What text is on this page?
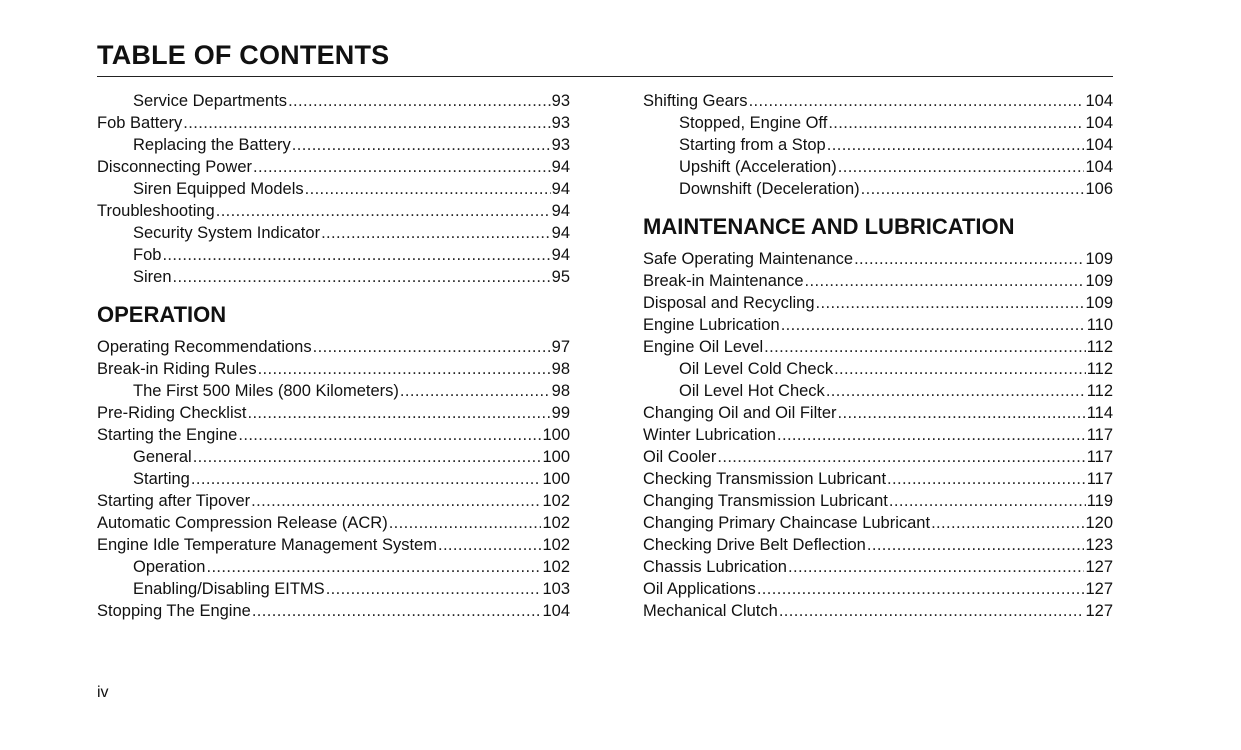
TABLE OF CONTENTS
Service Departments .....	93
Fob Battery .....	93
Replacing the Battery .....	93
Disconnecting Power .....	94
Siren Equipped Models .....	94
Troubleshooting .....	94
Security System Indicator .....	94
Fob .....	94
Siren .....	95
OPERATION
Operating Recommendations .....	97
Break-in Riding Rules .....	98
The First 500 Miles (800 Kilometers) .....	98
Pre-Riding Checklist .....	99
Starting the Engine .....	100
General .....	100
Starting .....	100
Starting after Tipover .....	102
Automatic Compression Release (ACR) .....	102
Engine Idle Temperature Management System .....	102
Operation .....	102
Enabling/Disabling EITMS .....	103
Stopping The Engine .....	104
Shifting Gears .....	104
Stopped, Engine Off .....	104
Starting from a Stop .....	104
Upshift (Acceleration) .....	104
Downshift (Deceleration) .....	106
MAINTENANCE AND LUBRICATION
Safe Operating Maintenance .....	109
Break-in Maintenance .....	109
Disposal and Recycling .....	109
Engine Lubrication .....	110
Engine Oil Level .....	112
Oil Level Cold Check .....	112
Oil Level Hot Check .....	112
Changing Oil and Oil Filter .....	114
Winter Lubrication .....	117
Oil Cooler .....	117
Checking Transmission Lubricant .....	117
Changing Transmission Lubricant .....	119
Changing Primary Chaincase Lubricant .....	120
Checking Drive Belt Deflection .....	123
Chassis Lubrication .....	127
Oil Applications .....	127
Mechanical Clutch .....	127
iv
